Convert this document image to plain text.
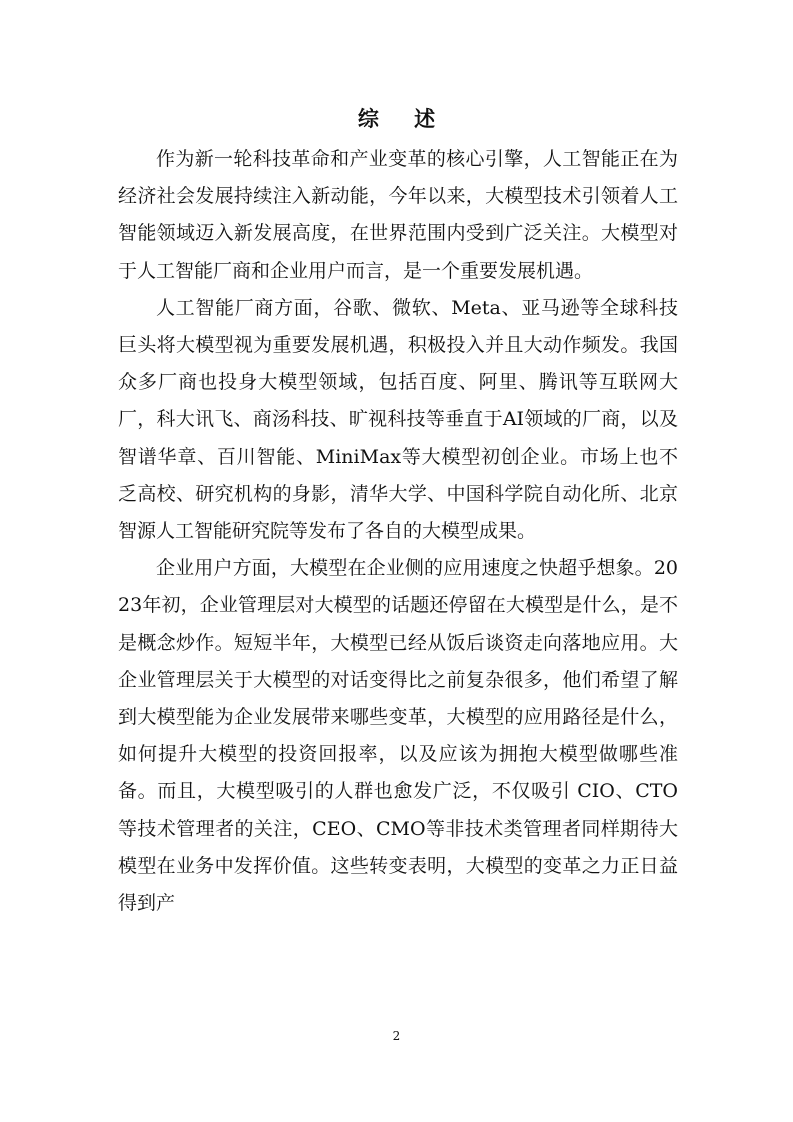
综 述

作为新一轮科技革命和产业变革的核心引擎，人工智能正在为经济社会发展持续注入新动能，今年以来，大模型技术引领着人工智能领域迈入新发展高度，在世界范围内受到广泛关注。大模型对于人工智能厂商和企业用户而言，是一个重要发展机遇。

人工智能厂商方面，谷歌、微软、Meta、亚马逊等全球科技巨头将大模型视为重要发展机遇，积极投入并且大动作频发。我国众多厂商也投身大模型领域，包括百度、阿里、腾讯等互联网大厂，科大讯飞、商汤科技、旷视科技等垂直于AI领域的厂商，以及智谱华章、百川智能、MiniMax等大模型初创企业。市场上也不乏高校、研究机构的身影，清华大学、中国科学院自动化所、北京智源人工智能研究院等发布了各自的大模型成果。

企业用户方面，大模型在企业侧的应用速度之快超乎想象。2023年初，企业管理层对大模型的话题还停留在大模型是什么，是不是概念炒作。短短半年，大模型已经从饭后谈资走向落地应用。大企业管理层关于大模型的对话变得比之前复杂很多，他们希望了解到大模型能为企业发展带来哪些变革，大模型的应用路径是什么，如何提升大模型的投资回报率，以及应该为拥抱大模型做哪些准备。而且，大模型吸引的人群也愈发广泛，不仅吸引 CIO、CTO 等技术管理者的关注，CEO、CMO等非技术类管理者同样期待大模型在业务中发挥价值。这些转变表明，大模型的变革之力正日益得到产

2
